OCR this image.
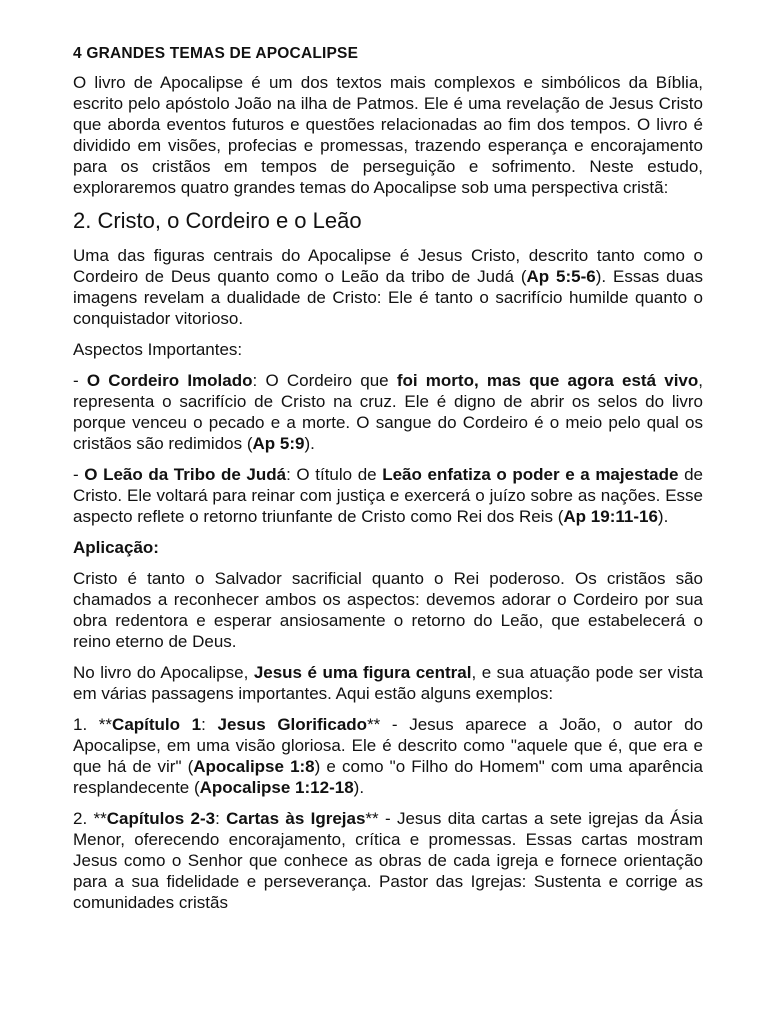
4 GRANDES TEMAS DE APOCALIPSE

O livro de Apocalipse é um dos textos mais complexos e simbólicos da Bíblia, escrito pelo apóstolo João na ilha de Patmos. Ele é uma revelação de Jesus Cristo que aborda eventos futuros e questões relacionadas ao fim dos tempos. O livro é dividido em visões, profecias e promessas, trazendo esperança e encorajamento para os cristãos em tempos de perseguição e sofrimento. Neste estudo, exploraremos quatro grandes temas do Apocalipse sob uma perspectiva cristã:

2. Cristo, o Cordeiro e o Leão

Uma das figuras centrais do Apocalipse é Jesus Cristo, descrito tanto como o Cordeiro de Deus quanto como o Leão da tribo de Judá (Ap 5:5-6). Essas duas imagens revelam a dualidade de Cristo: Ele é tanto o sacrifício humilde quanto o conquistador vitorioso.

Aspectos Importantes:

- O Cordeiro Imolado: O Cordeiro que foi morto, mas que agora está vivo, representa o sacrifício de Cristo na cruz. Ele é digno de abrir os selos do livro porque venceu o pecado e a morte. O sangue do Cordeiro é o meio pelo qual os cristãos são redimidos (Ap 5:9).

- O Leão da Tribo de Judá: O título de Leão enfatiza o poder e a majestade de Cristo. Ele voltará para reinar com justiça e exercerá o juízo sobre as nações. Esse aspecto reflete o retorno triunfante de Cristo como Rei dos Reis (Ap 19:11-16).

Aplicação:

Cristo é tanto o Salvador sacrificial quanto o Rei poderoso. Os cristãos são chamados a reconhecer ambos os aspectos: devemos adorar o Cordeiro por sua obra redentora e esperar ansiosamente o retorno do Leão, que estabelecerá o reino eterno de Deus.

No livro do Apocalipse, Jesus é uma figura central, e sua atuação pode ser vista em várias passagens importantes. Aqui estão alguns exemplos:

1. **Capítulo 1: Jesus Glorificado** - Jesus aparece a João, o autor do Apocalipse, em uma visão gloriosa. Ele é descrito como "aquele que é, que era e que há de vir" (Apocalipse 1:8) e como "o Filho do Homem" com uma aparência resplandecente (Apocalipse 1:12-18).

2. **Capítulos 2-3: Cartas às Igrejas** - Jesus dita cartas a sete igrejas da Ásia Menor, oferecendo encorajamento, crítica e promessas. Essas cartas mostram Jesus como o Senhor que conhece as obras de cada igreja e fornece orientação para a sua fidelidade e perseverança. Pastor das Igrejas: Sustenta e corrige as comunidades cristãs
